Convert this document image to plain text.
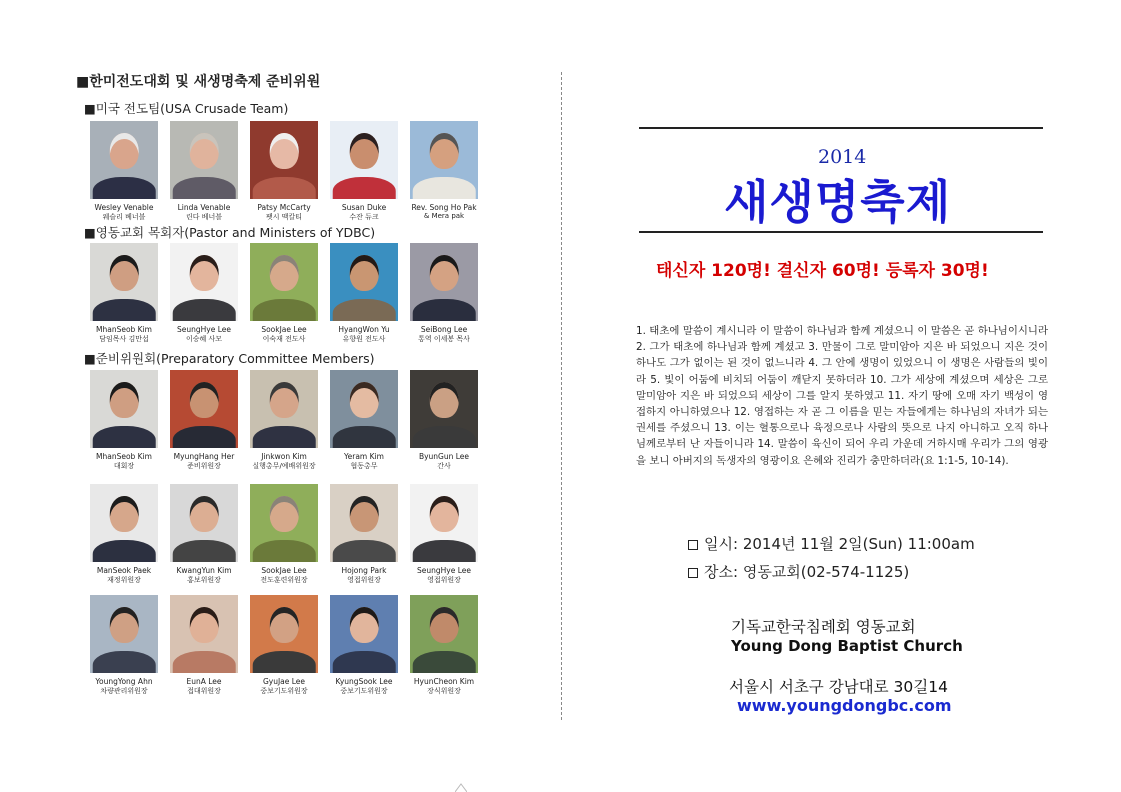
■한미전도대회 및 새생명축제 준비위원
■미국 전도팀(USA Crusade Team)
Wesley Venable
웨슬리 베너블
Linda Venable
린다 베너블
Patsy McCarty
팻시 맥칼티
Susan Duke
수잔 듀크
Rev. Song Ho Pak
& Mera pak
■영동교회 목회자(Pastor and Ministers of YDBC)
MhanSeob Kim
담임목사 김만섭
SeungHye Lee
이승혜 사모
SookJae Lee
이숙재 전도사
HyangWon Yu
유향원 전도사
SeiBong Lee
통역 이세봉 목사
■준비위원회(Preparatory Committee Members)
MhanSeob Kim
대회장
MyungHang Her
준비위원장
Jinkwon Kim
실행총무/예배위원장
Yeram Kim
협동총무
ByunGun Lee
간사
ManSeok Paek
재정위원장
KwangYun Kim
홍보위원장
SookJae Lee
전도훈련위원장
Hojong Park
영접위원장
SeungHye Lee
영접위원장
YoungYong Ahn
차량관리위원장
EunA Lee
접대위원장
GyuJae Lee
중보기도위원장
KyungSook Lee
중보기도위원장
HyunCheon Kim
장식위원장
2014
새생명축제
태신자 120명! 결신자 60명! 등록자 30명!
1. 태초에 말씀이 계시니라 이 말씀이 하나님과 함께 계셨으니 이 말씀은 곧 하나님이시니라 2. 그가 태초에 하나님과 함께 계셨고 3. 만물이 그로 말미암아 지은 바 되었으니 지은 것이 하나도 그가 없이는 된 것이 없느니라 4. 그 안에 생명이 있었으니 이 생명은 사람들의 빛이라 5. 빛이 어둠에 비치되 어둠이 깨닫지 못하더라 10. 그가 세상에 계셨으며 세상은 그로 말미암아 지은 바 되었으되 세상이 그를 알지 못하였고 11. 자기 땅에 오매 자기 백성이 영접하지 아니하였으나 12. 영접하는 자 곧 그 이름을 믿는 자들에게는 하나님의 자녀가 되는 권세를 주셨으니 13. 이는 혈통으로나 육정으로나 사람의 뜻으로 나지 아니하고 오직 하나님께로부터 난 자들이니라 14. 말씀이 육신이 되어 우리 가운데 거하시매 우리가 그의 영광을 보니 아버지의 독생자의 영광이요 은혜와 진리가 충만하더라(요 1:1-5, 10-14).
일시: 2014년 11월 2일(Sun) 11:00am
장소: 영동교회(02-574-1125)
기독교한국침례회 영동교회
Young Dong Baptist Church
서울시 서초구 강남대로 30길14
www.youngdongbc.com
